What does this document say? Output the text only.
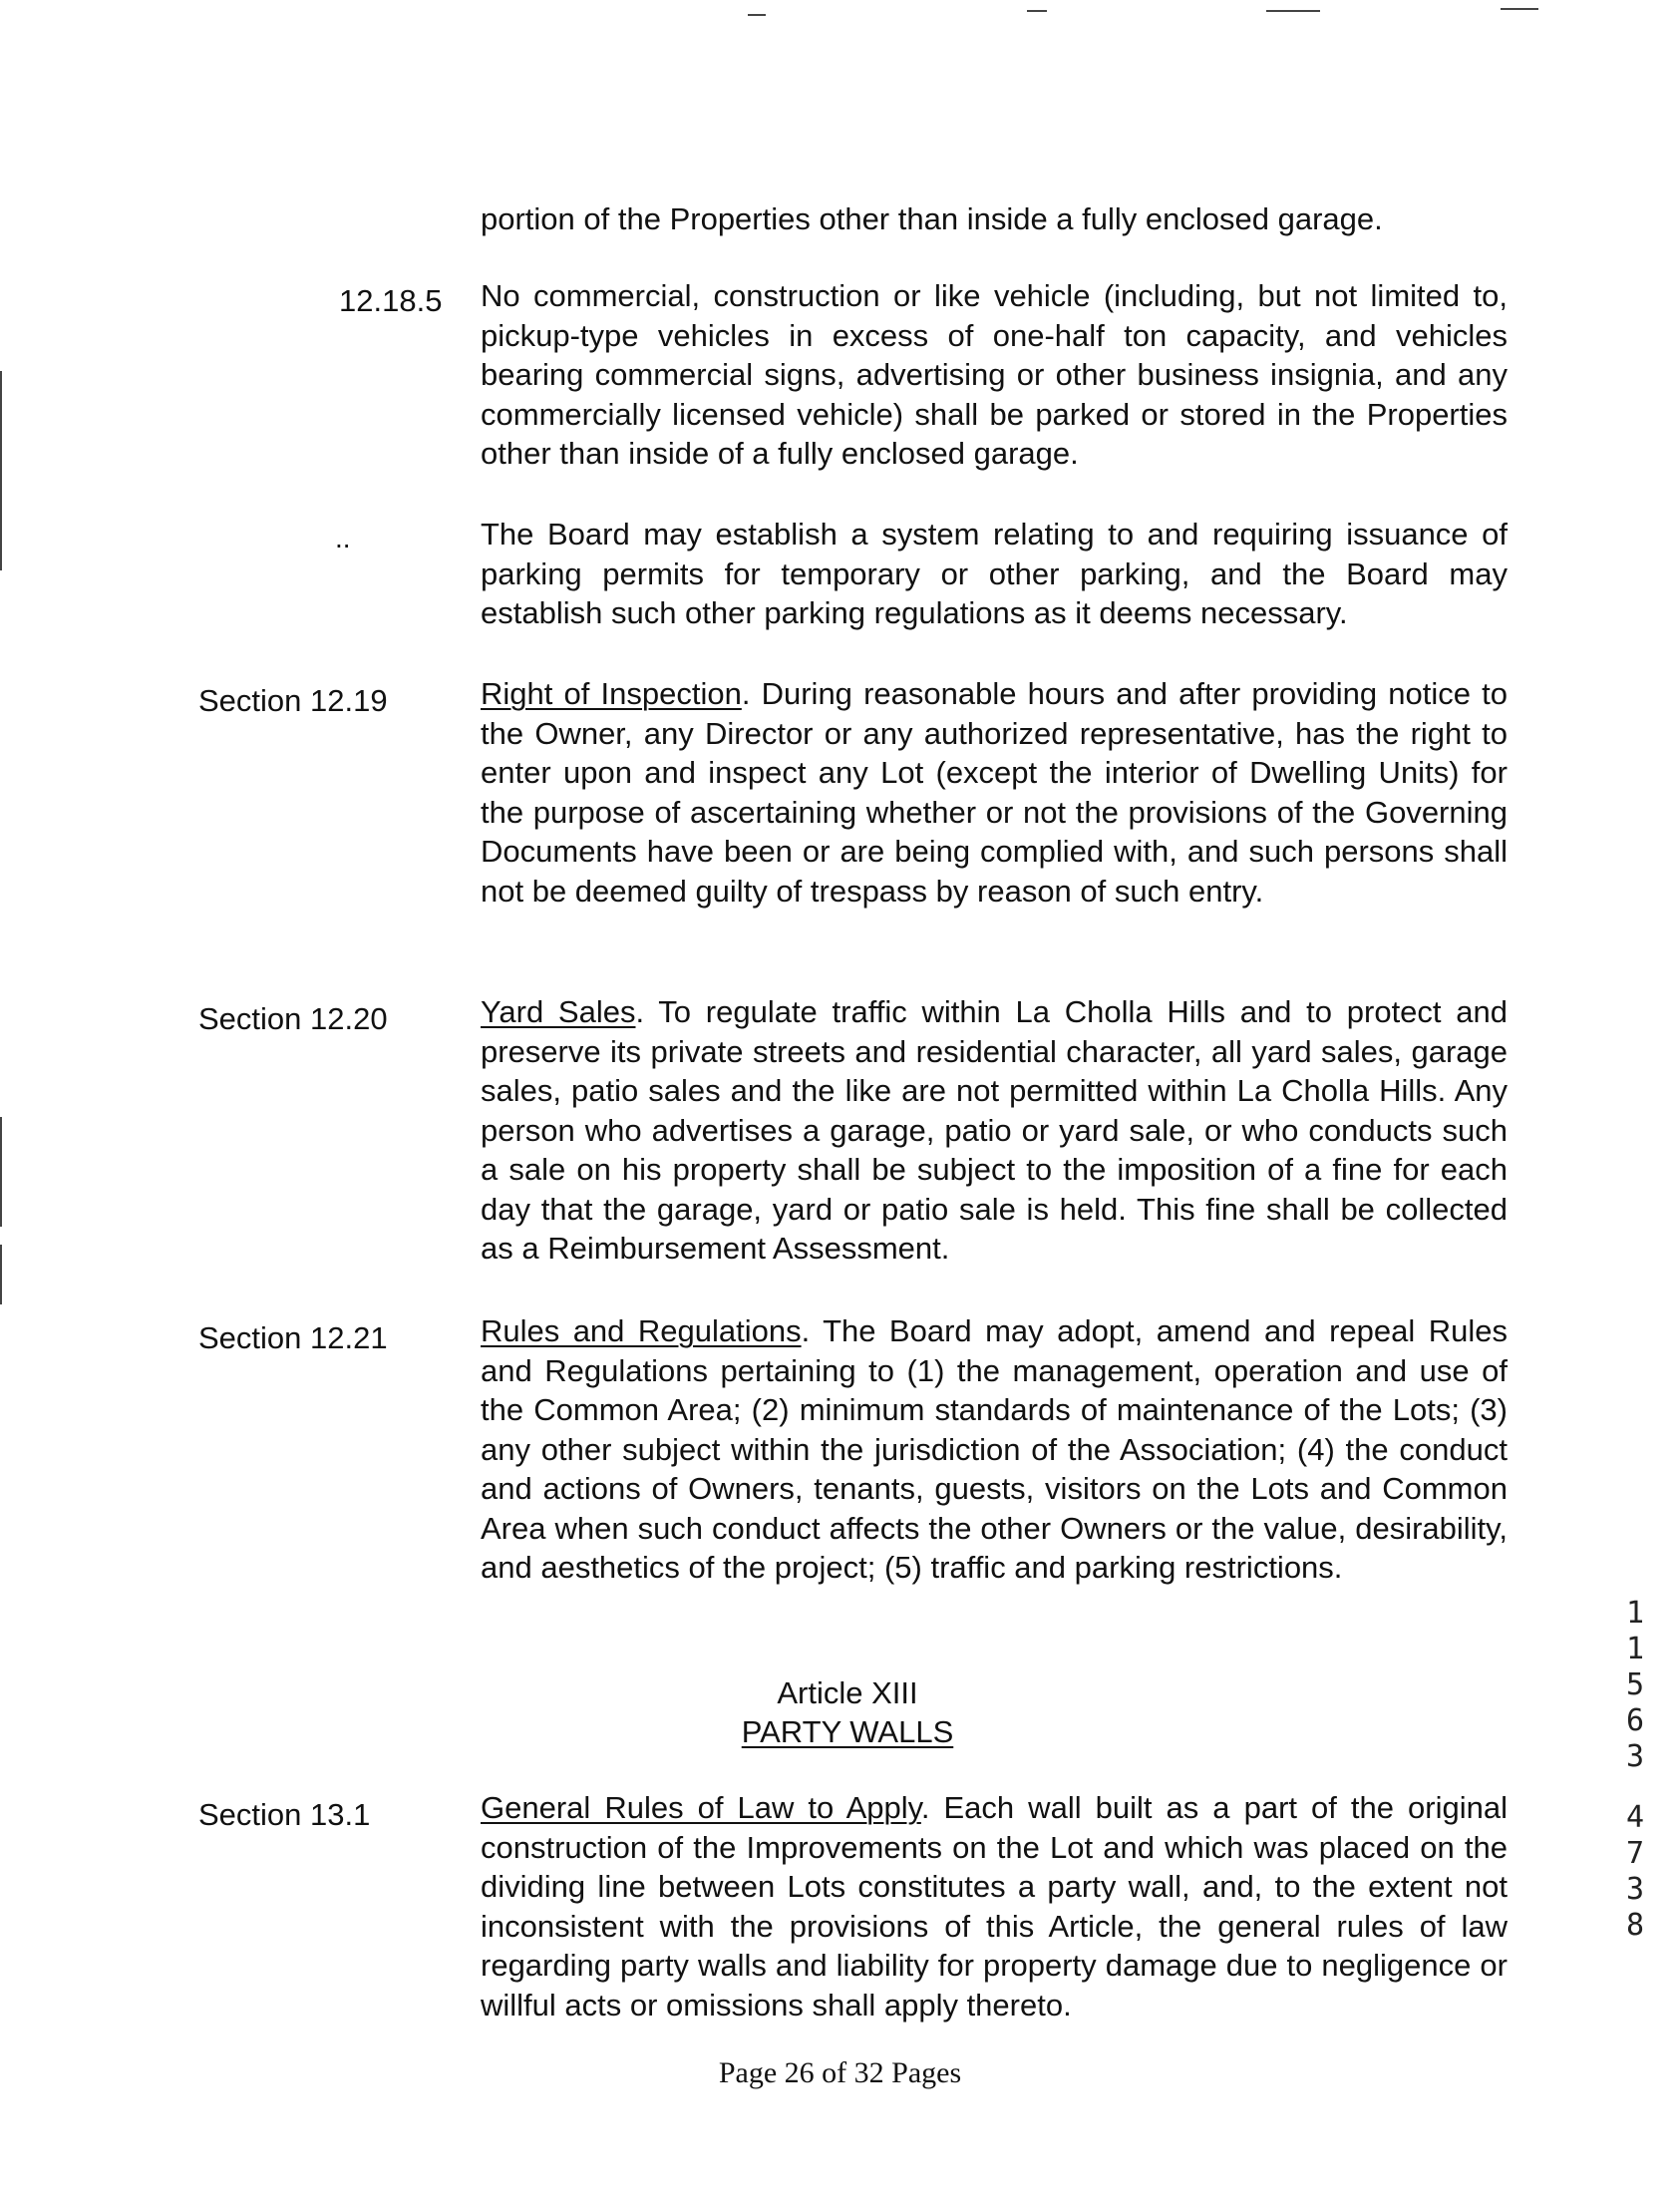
portion of the Properties other than inside a fully enclosed garage.
12.18.5 No commercial, construction or like vehicle (including, but not limited to, pickup-type vehicles in excess of one-half ton capacity, and vehicles bearing commercial signs, advertising or other business insignia, and any commercially licensed vehicle) shall be parked or stored in the Properties other than inside of a fully enclosed garage.
..	The Board may establish a system relating to and requiring issuance of parking permits for temporary or other parking, and the Board may establish such other parking regulations as it deems necessary.
Section 12.19	Right of Inspection. During reasonable hours and after providing notice to the Owner, any Director or any authorized representative, has the right to enter upon and inspect any Lot (except the interior of Dwelling Units) for the purpose of ascertaining whether or not the provisions of the Governing Documents have been or are being complied with, and such persons shall not be deemed guilty of trespass by reason of such entry.
Section 12.20	Yard Sales. To regulate traffic within La Cholla Hills and to protect and preserve its private streets and residential character, all yard sales, garage sales, patio sales and the like are not permitted within La Cholla Hills. Any person who advertises a garage, patio or yard sale, or who conducts such a sale on his property shall be subject to the imposition of a fine for each day that the garage, yard or patio sale is held. This fine shall be collected as a Reimbursement Assessment.
Section 12.21	Rules and Regulations. The Board may adopt, amend and repeal Rules and Regulations pertaining to (1) the management, operation and use of the Common Area; (2) minimum standards of maintenance of the Lots; (3) any other subject within the jurisdiction of the Association; (4) the conduct and actions of Owners, tenants, guests, visitors on the Lots and Common Area when such conduct affects the other Owners or the value, desirability, and aesthetics of the project; (5) traffic and parking restrictions.
Article XIII
PARTY WALLS
Section 13.1	General Rules of Law to Apply. Each wall built as a part of the original construction of the Improvements on the Lot and which was placed on the dividing line between Lots constitutes a party wall, and, to the extent not inconsistent with the provisions of this Article, the general rules of law regarding party walls and liability for property damage due to negligence or willful acts or omissions shall apply thereto.
1
1
5
6
3
4
7
3
8
Page 26 of 32 Pages
